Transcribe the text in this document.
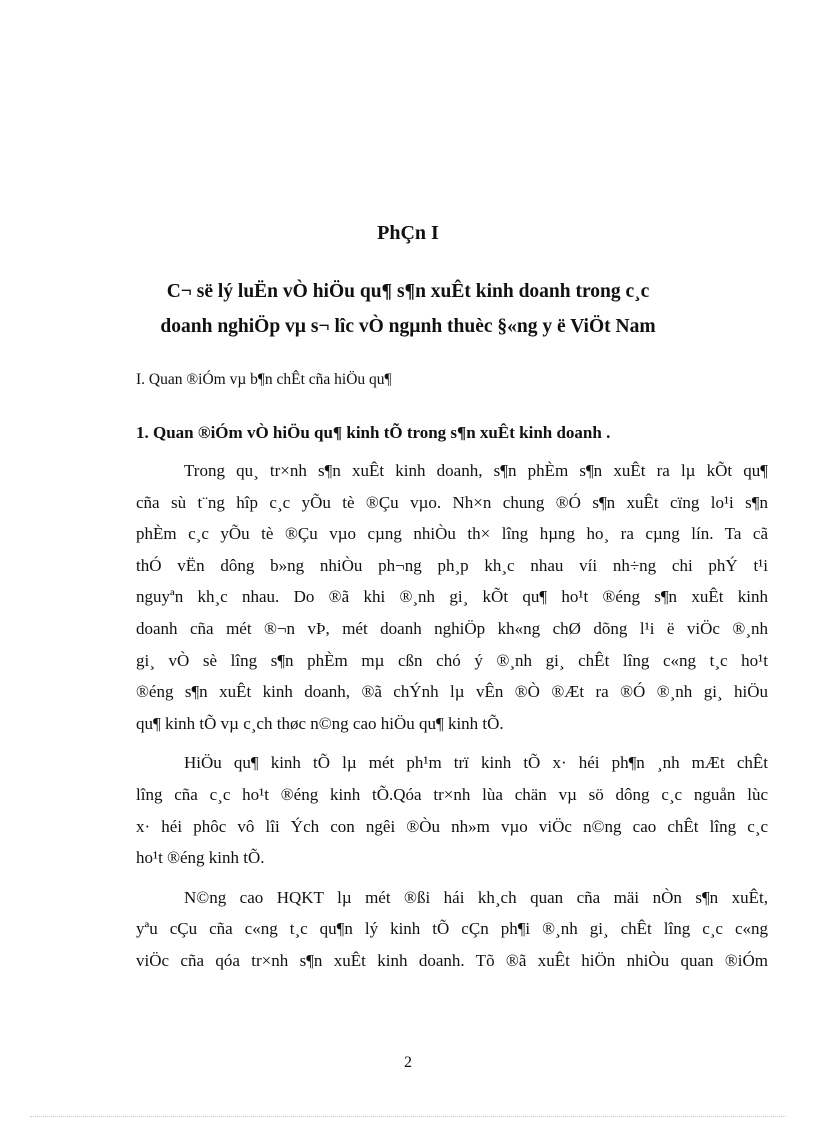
PhÇn I
C¬ së lý luËn vÒ hiÖu qu¶ s¶n xuÊt kinh doanh trong c¸c
doanh nghiÖp vµ s¬ lîc vÒ ngµnh thuèc §«ng y ë ViÖt Nam
I. Quan ®iÓm vµ b¶n chÊt cña hiÖu qu¶
1. Quan ®iÓm vÒ hiÖu qu¶ kinh tÕ trong s¶n xuÊt kinh doanh .
Trong qu¸ tr×nh s¶n xuÊt kinh doanh, s¶n phÈm s¶n xuÊt ra lµ kÕt qu¶
cña sù t¨ng hîp c¸c yÕu tè ®Çu vµo. Nh×n chung ®Ó s¶n xuÊt cïng lo¹i s¶n
phÈm c¸c yÕu tè ®Çu vµo cµng nhiÒu th× lîng hµng ho¸ ra cµng lín. Ta cã
thÓ vËn dông b»ng nhiÒu ph¬ng ph¸p kh¸c nhau víi nh÷ng chi phÝ t¹i
nguyªn kh¸c nhau. Do ®ã khi ®¸nh gi¸ kÕt qu¶ ho¹t ®éng s¶n xuÊt kinh
doanh cña mét ®¬n vÞ, mét doanh nghiÖp kh«ng chØ dõng l¹i ë viÖc ®¸nh
gi¸ vÒ sè lîng s¶n phÈm mµ cßn chó ý ®¸nh gi¸ chÊt lîng c«ng t¸c ho¹t
®éng s¶n xuÊt kinh doanh, ®ã chÝnh lµ vÊn ®Ò ®Æt ra ®Ó ®¸nh gi¸ hiÖu
qu¶ kinh tÕ vµ c¸ch thøc n©ng cao hiÖu qu¶ kinh tÕ.
HiÖu qu¶ kinh tÕ lµ mét ph¹m trï kinh tÕ x· héi ph¶n ¸nh mÆt chÊt
lîng cña c¸c ho¹t ®éng kinh tÕ.Qóa tr×nh lùa chän vµ sö dông c¸c nguån lùc
x· héi phôc vô lîi Ých con ngêi ®Òu nh»m vµo viÖc n©ng cao chÊt lîng c¸c
ho¹t ®éng kinh tÕ.
N©ng cao HQKT lµ mét ®ßi hái kh¸ch quan cña mäi nÒn s¶n xuÊt,
yªu cÇu cña c«ng t¸c qu¶n lý kinh tÕ cÇn ph¶i ®¸nh gi¸ chÊt lîng c¸c c«ng
viÖc cña qóa tr×nh s¶n xuÊt kinh doanh. Tõ ®ã xuÊt hiÖn nhiÒu quan ®iÓm
2
